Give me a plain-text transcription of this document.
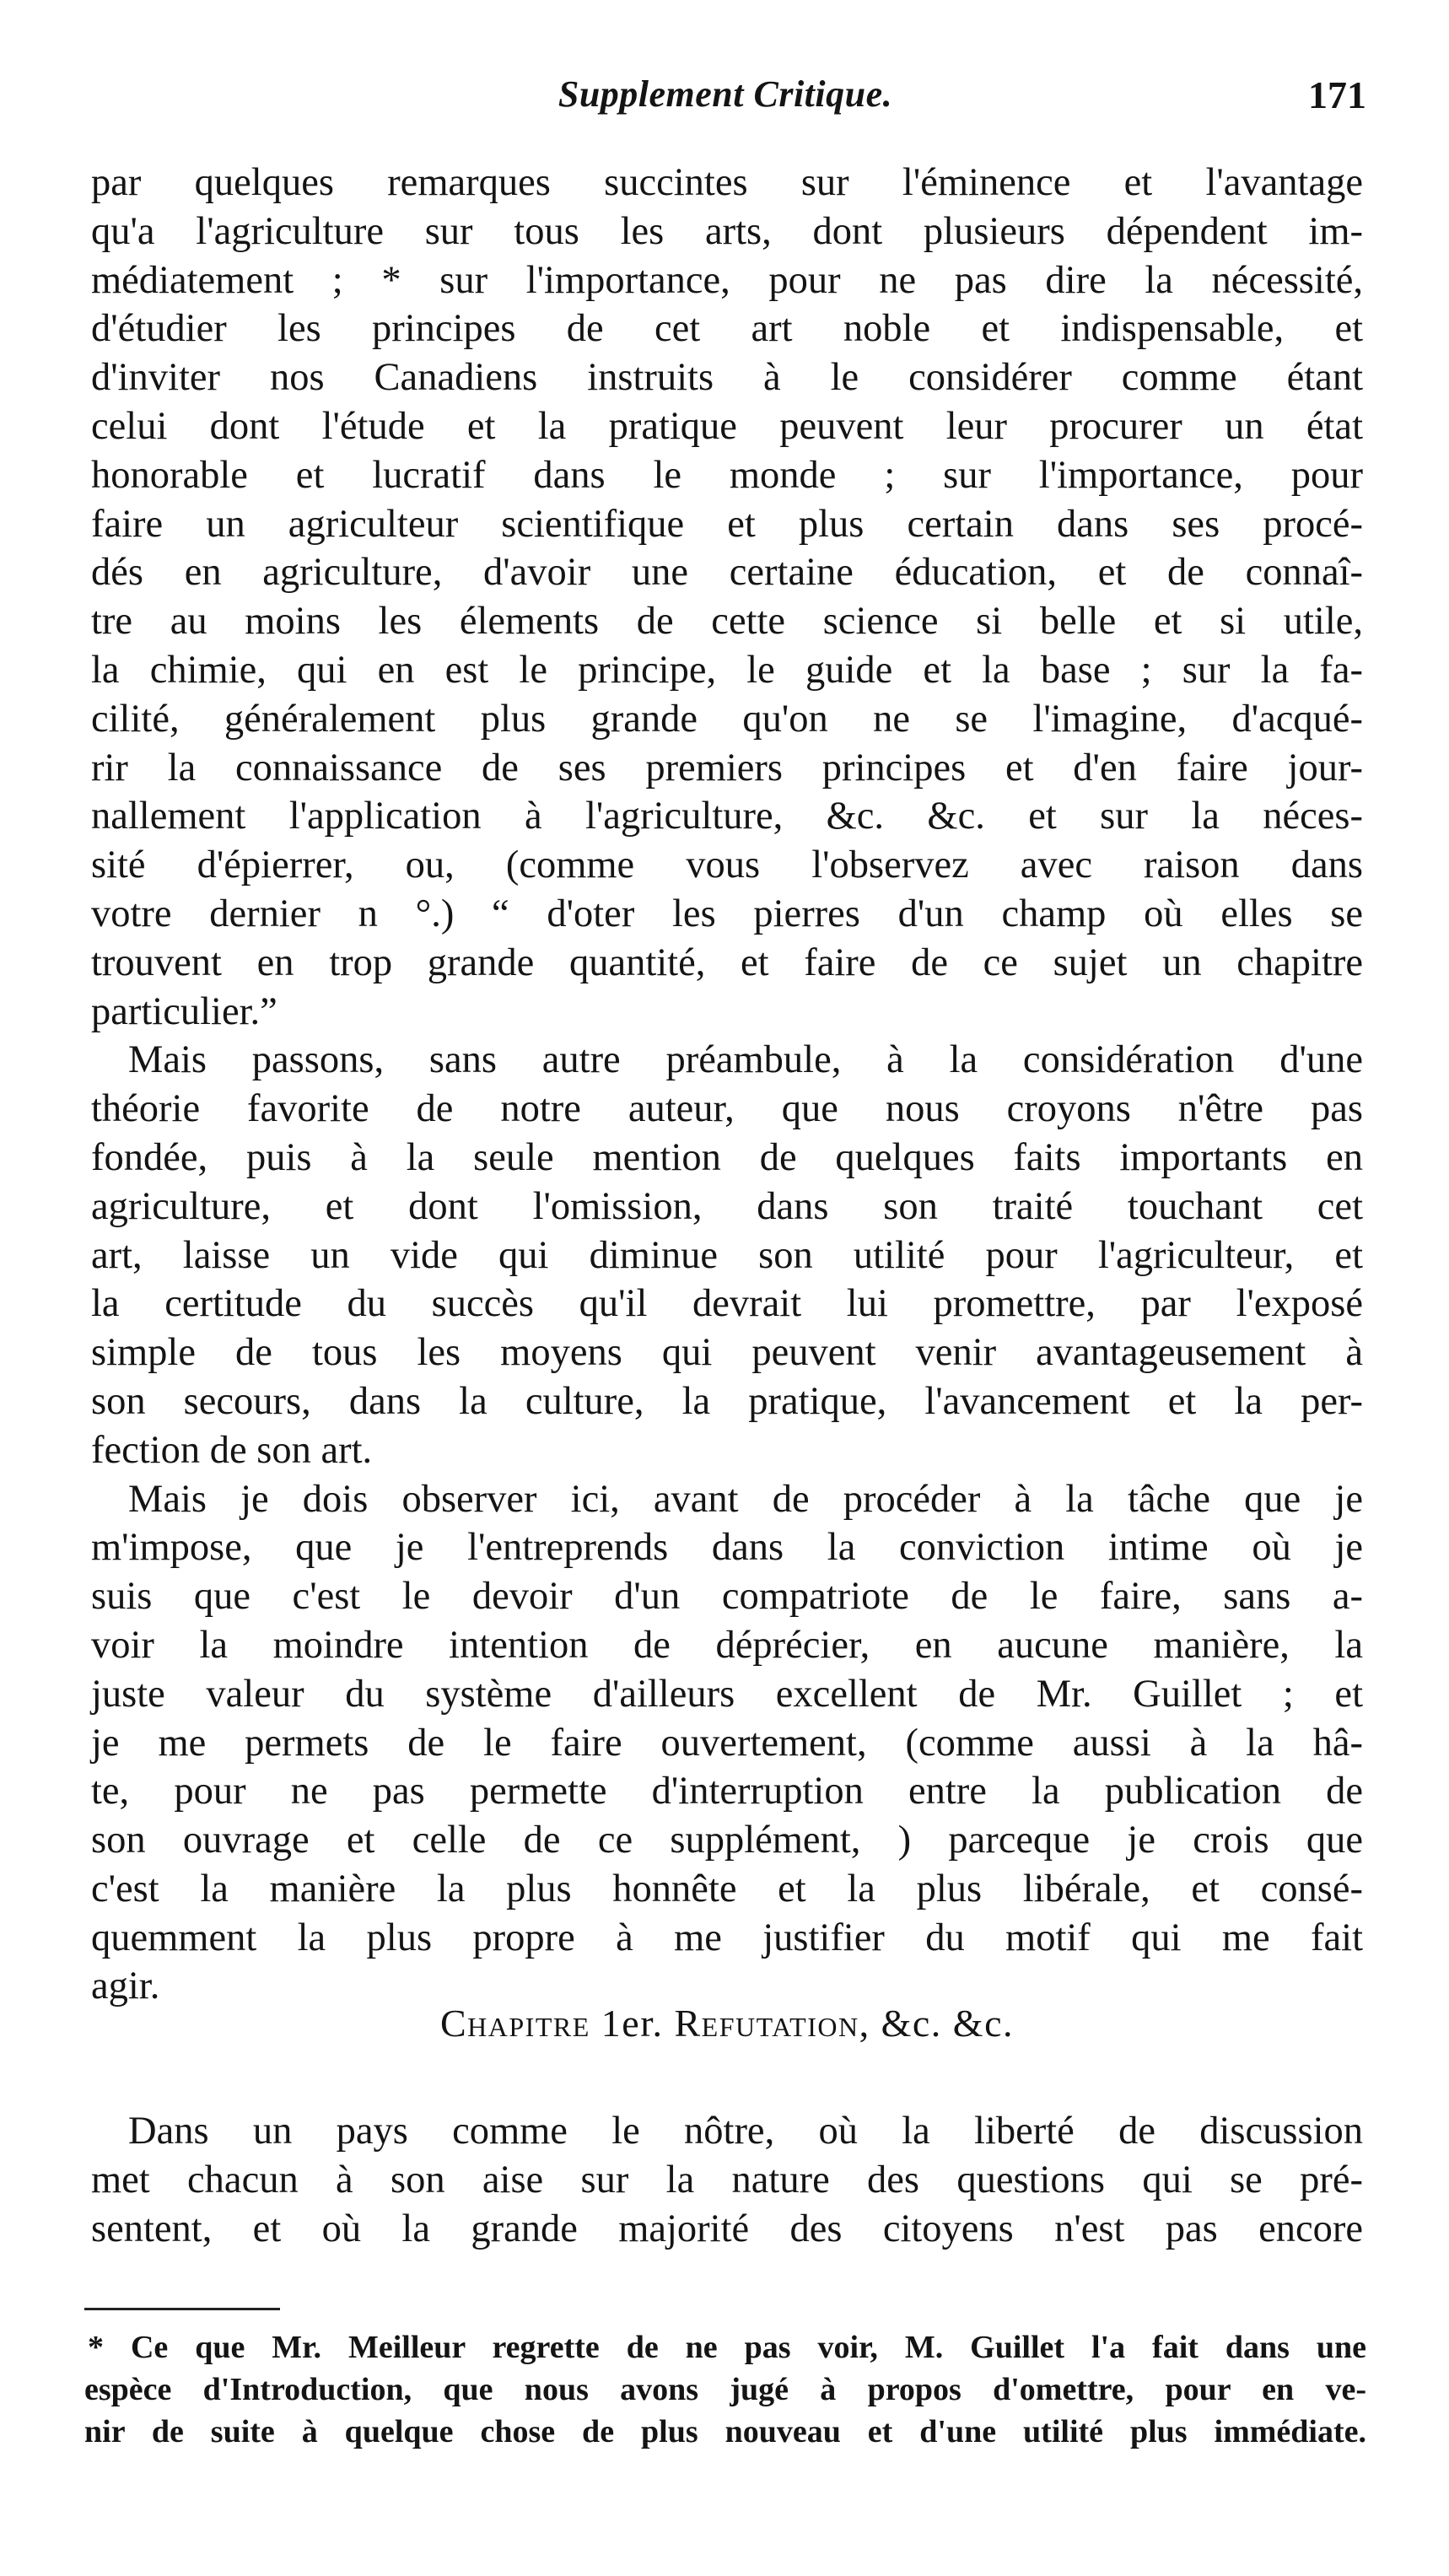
Supplement Critique.	171
par quelques remarques succintes sur l'éminence et l'avantage
qu'a l'agriculture sur tous les arts, dont plusieurs dépendent im-
médiatement ; * sur l'importance, pour ne pas dire la nécessité,
d'étudier les principes de cet art noble et indispensable, et
d'inviter nos Canadiens instruits à le considérer comme étant
celui dont l'étude et la pratique peuvent leur procurer un état
honorable et lucratif dans le monde ; sur l'importance, pour
faire un agriculteur scientifique et plus certain dans ses procé-
dés en agriculture, d'avoir une certaine éducation, et de connaî-
tre au moins les élements de cette science si belle et si utile,
la chimie, qui en est le principe, le guide et la base ; sur la fa-
cilité, généralement plus grande qu'on ne se l'imagine, d'acqué-
rir la connaissance de ses premiers principes et d'en faire jour-
nallement l'application à l'agriculture, &c. &c. et sur la néces-
sité d'épierrer, ou, (comme vous l'observez avec raison dans
votre dernier n °.) “ d'oter les pierres d'un champ où elles se
trouvent en trop grande quantité, et faire de ce sujet un chapitre
particulier.”
Mais passons, sans autre préambule, à la considération d'une
théorie favorite de notre auteur, que nous croyons n'être pas
fondée, puis à la seule mention de quelques faits importants en
agriculture, et dont l'omission, dans son traité touchant cet
art, laisse un vide qui diminue son utilité pour l'agriculteur, et
la certitude du succès qu'il devrait lui promettre, par l'exposé
simple de tous les moyens qui peuvent venir avantageusement à
son secours, dans la culture, la pratique, l'avancement et la per-
fection de son art.
Mais je dois observer ici, avant de procéder à la tâche que je
m'impose, que je l'entreprends dans la conviction intime où je
suis que c'est le devoir d'un compatriote de le faire, sans a-
voir la moindre intention de déprécier, en aucune manière, la
juste valeur du système d'ailleurs excellent de Mr. Guillet ; et
je me permets de le faire ouvertement, (comme aussi à la hâ-
te, pour ne pas permette d'interruption entre la publication de
son ouvrage et celle de ce supplément, ) parceque je crois que
c'est la manière la plus honnête et la plus libérale, et consé-
quemment la plus propre à me justifier du motif qui me fait
agir.
Chapitre 1er. Refutation, &c. &c.
Dans un pays comme le nôtre, où la liberté de discussion
met chacun à son aise sur la nature des questions qui se pré-
sentent, et où la grande majorité des citoyens n'est pas encore
* Ce que Mr. Meilleur regrette de ne pas voir, M. Guillet l'a fait dans une
espèce d'Introduction, que nous avons jugé à propos d'omettre, pour en ve-
nir de suite à quelque chose de plus nouveau et d'une utilité plus immédiate.
